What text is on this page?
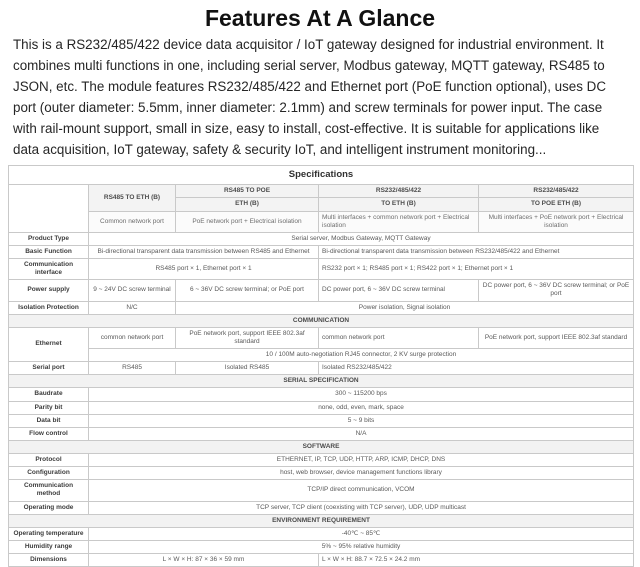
Features At A Glance
This is a RS232/485/422 device data acquisitor / IoT gateway designed for industrial environment. It combines multi functions in one, including serial server, Modbus gateway, MQTT gateway, RS485 to JSON, etc. The module features RS232/485/422 and Ethernet port (PoE function optional), uses DC port (outer diameter: 5.5mm, inner diameter: 2.1mm) and screw terminals for power input. The case with rail-mount support, small in size, easy to install, cost-effective. It is suitable for applications like data acquisition, IoT gateway, safety & security IoT, and intelligent instrument monitoring...
Specifications				
	RS485 TO ETH (B)	RS485 TO POE	RS232/485/422	RS232/485/422
		ETH (B)	TO ETH (B)	TO POE ETH (B)
	Common network port	PoE network port + Electrical isolation	Multi interfaces + common network port + Electrical isolation	Multi interfaces + PoE network port + Electrical isolation
Product Type	Serial server, Modbus Gateway, MQTT Gateway			
Basic Function	Bi-directional transparent data transmission between RS485 and Ethernet		Bi-directional transparent data transmission between RS232/485/422 and Ethernet	
Communication interface	RS485 port × 1, Ethernet port × 1		RS232 port × 1; RS485 port × 1; RS422 port × 1; Ethernet port × 1	
Power supply	9 ~ 24V DC screw terminal	6 ~ 36V DC screw terminal; or PoE port	DC power port, 6 ~ 36V DC screw terminal	DC power port, 6 ~ 36V DC screw terminal; or PoE port
Isolation Protection	N/C	Power isolation, Signal isolation		
COMMUNICATION				
Ethernet	common network port	PoE network port, support IEEE 802.3af standard	common network port	PoE network port, support IEEE 802.3af standard
	10 / 100M auto-negotiation RJ45 connector, 2 KV surge protection			
Serial port	RS485	Isolated RS485	Isolated RS232/485/422	
SERIAL SPECIFICATION				
Baudrate	300 ~ 115200 bps			
Parity bit	none, odd, even, mark, space			
Data bit	5 ~ 9 bits			
Flow control	N/A			
SOFTWARE				
Protocol	ETHERNET, IP, TCP, UDP, HTTP, ARP, ICMP, DHCP, DNS			
Configuration	host, web browser, device management functions library			
Communication method	TCP/IP direct communication, VCOM			
Operating mode	TCP server, TCP client (coexisting with TCP server), UDP, UDP multicast			
ENVIRONMENT REQUIREMENT				
Operating temperature	-40℃ ~ 85℃			
Humidity range	5% ~ 95% relative humidity			
Dimensions	L × W × H: 87 × 36 × 59 mm		L × W × H: 88.7 × 72.5 × 24.2 mm	
